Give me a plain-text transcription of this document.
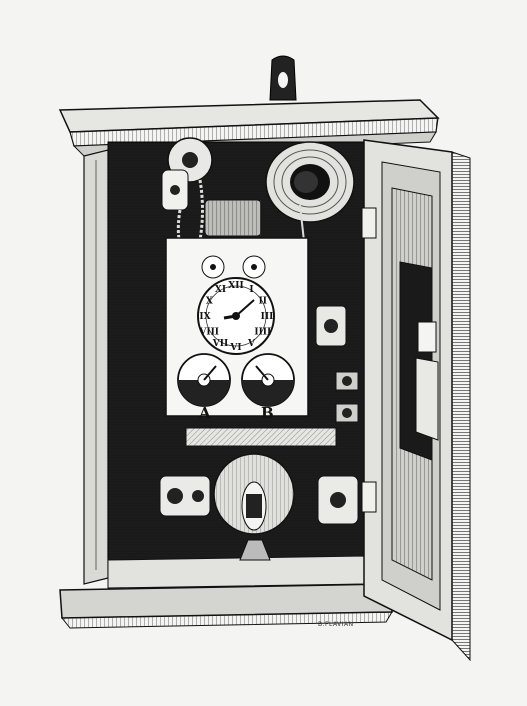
XII I
II
III
IIII
V
VI
VII
VIII
IX
X
XI
A	B
B.FLAVIAN
